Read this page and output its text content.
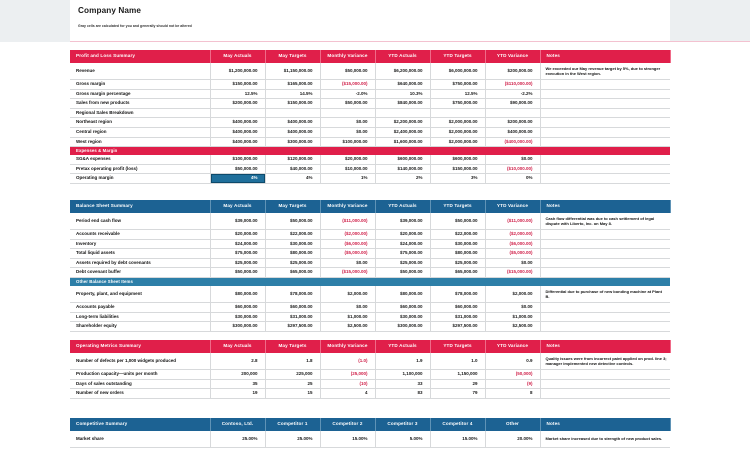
Company Name
Gray cells are calculated for you and generally should not be altered
Profit and Loss Summary	May Actuals	May Targets	Monthly Variance	YTD Actuals	YTD Targets	YTD Variance	Notes
Revenue	$1,200,000.00	$1,150,000.00	$50,000.00	$6,200,000.00	$6,000,000.00	$200,000.00	We exceeded our May revenue target by 5%, due to stronger execution in the West region.
Gross margin	$150,000.00	$165,000.00	($15,000.00)	$640,000.00	$750,000.00	($110,000.00)	
Gross margin percentage	12.5%	14.5%	-2.0%	10.3%	12.5%	-2.2%	
Sales from new products	$200,000.00	$150,000.00	$50,000.00	$840,000.00	$750,000.00	$90,000.00	
Regional Sales Breakdown							
Northeast region	$400,000.00	$400,000.00	$0.00	$2,200,000.00	$2,000,000.00	$200,000.00	
Central region	$400,000.00	$400,000.00	$0.00	$2,400,000.00	$2,000,000.00	$400,000.00	
West region	$400,000.00	$300,000.00	$100,000.00	$1,600,000.00	$2,000,000.00	($400,000.00)	
Expenses & Margin							
SG&A expenses	$100,000.00	$120,000.00	$20,000.00	$600,000.00	$600,000.00	$0.00	
Pretax operating profit (loss)	$50,000.00	$40,000.00	$10,000.00	$140,000.00	$150,000.00	($10,000.00)	
Operating margin	4%	4%	1%	2%	3%	0%	
Balance Sheet Summary	May Actuals	May Targets	Monthly Variance	YTD Actuals	YTD Targets	YTD Variance	Notes
Period end cash flow	$39,000.00	$50,000.00	($11,000.00)	$39,000.00	$50,000.00	($11,000.00)	Cash flow differential was due to cash settlement of legal dispute with Liberto, Inc. on May 8.
Accounts receivable	$20,000.00	$22,000.00	($2,000.00)	$20,000.00	$22,000.00	($2,000.00)	
Inventory	$24,000.00	$30,000.00	($6,000.00)	$24,000.00	$30,000.00	($6,000.00)	
Total liquid assets	$75,000.00	$80,000.00	($5,000.00)	$75,000.00	$80,000.00	($5,000.00)	
Assets required by debt covenants	$25,000.00	$25,000.00	$0.00	$25,000.00	$25,000.00	$0.00	
Debt covenant buffer	$50,000.00	$65,000.00	($15,000.00)	$50,000.00	$65,000.00	($15,000.00)	
Other Balance Sheet Items							
Property, plant, and equipment	$80,000.00	$78,000.00	$2,000.00	$80,000.00	$78,000.00	$2,000.00	Differential due to purchase of new bonding machine at Plant B.
Accounts payable	$60,000.00	$60,000.00	$0.00	$60,000.00	$60,000.00	$0.00	
Long-term liabilities	$30,000.00	$31,000.00	$1,000.00	$30,000.00	$31,000.00	$1,000.00	
Shareholder equity	$300,000.00	$297,500.00	$2,500.00	$300,000.00	$297,500.00	$2,500.00	
Operating Metrics Summary	May Actuals	May Targets	Monthly Variance	YTD Actuals	YTD Targets	YTD Variance	Notes
Number of defects per 1,000 widgets produced	2.8	1.8	(1.0)	1.9	1.0	0.9	Quality issues were from incorrect paint applied on prod. line 3; manager implemented new detective controls.
Production capacity—units per month	200,000	225,000	(25,000)	1,100,000	1,150,000	(50,000)	
Days of sales outstanding	35	25	(10)	33	29	(9)	
Number of new orders	19	15	4	83	79	8	
Competitive Summary	Contoso, Ltd.	Competitor 1	Competitor 2	Competitor 3	Competitor 4	Other	Notes
Market share	25.00%	25.00%	15.00%	5.00%	15.00%	20.00%	Market share increased due to strength of new product sales.
